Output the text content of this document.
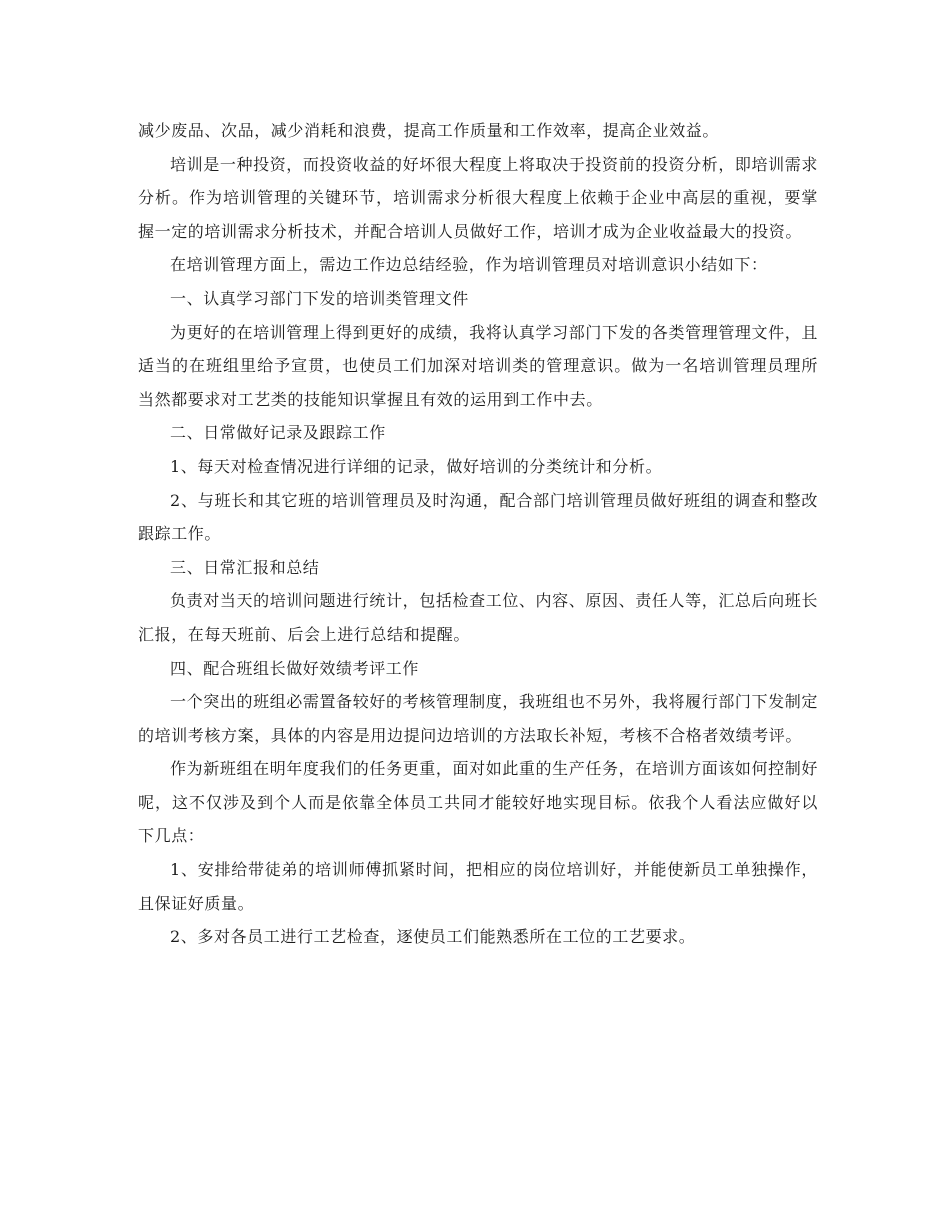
减少废品、次品，减少消耗和浪费，提高工作质量和工作效率，提高企业效益。

培训是一种投资，而投资收益的好坏很大程度上将取决于投资前的投资分析，即培训需求分析。作为培训管理的关键环节，培训需求分析很大程度上依赖于企业中高层的重视，要掌握一定的培训需求分析技术，并配合培训人员做好工作，培训才成为企业收益最大的投资。

在培训管理方面上，需边工作边总结经验，作为培训管理员对培训意识小结如下：

一、认真学习部门下发的培训类管理文件

为更好的在培训管理上得到更好的成绩，我将认真学习部门下发的各类管理管理文件，且适当的在班组里给予宣贯，也使员工们加深对培训类的管理意识。做为一名培训管理员理所当然都要求对工艺类的技能知识掌握且有效的运用到工作中去。

二、日常做好记录及跟踪工作

1、每天对检查情况进行详细的记录，做好培训的分类统计和分析。

2、与班长和其它班的培训管理员及时沟通，配合部门培训管理员做好班组的调查和整改跟踪工作。

三、日常汇报和总结

负责对当天的培训问题进行统计，包括检查工位、内容、原因、责任人等，汇总后向班长汇报，在每天班前、后会上进行总结和提醒。

四、配合班组长做好效绩考评工作

一个突出的班组必需置备较好的考核管理制度，我班组也不另外，我将履行部门下发制定的培训考核方案，具体的内容是用边提问边培训的方法取长补短，考核不合格者效绩考评。

作为新班组在明年度我们的任务更重，面对如此重的生产任务，在培训方面该如何控制好呢，这不仅涉及到个人而是依靠全体员工共同才能较好地实现目标。依我个人看法应做好以下几点：

1、安排给带徒弟的培训师傅抓紧时间，把相应的岗位培训好，并能使新员工单独操作，且保证好质量。

2、多对各员工进行工艺检查，逐使员工们能熟悉所在工位的工艺要求。
